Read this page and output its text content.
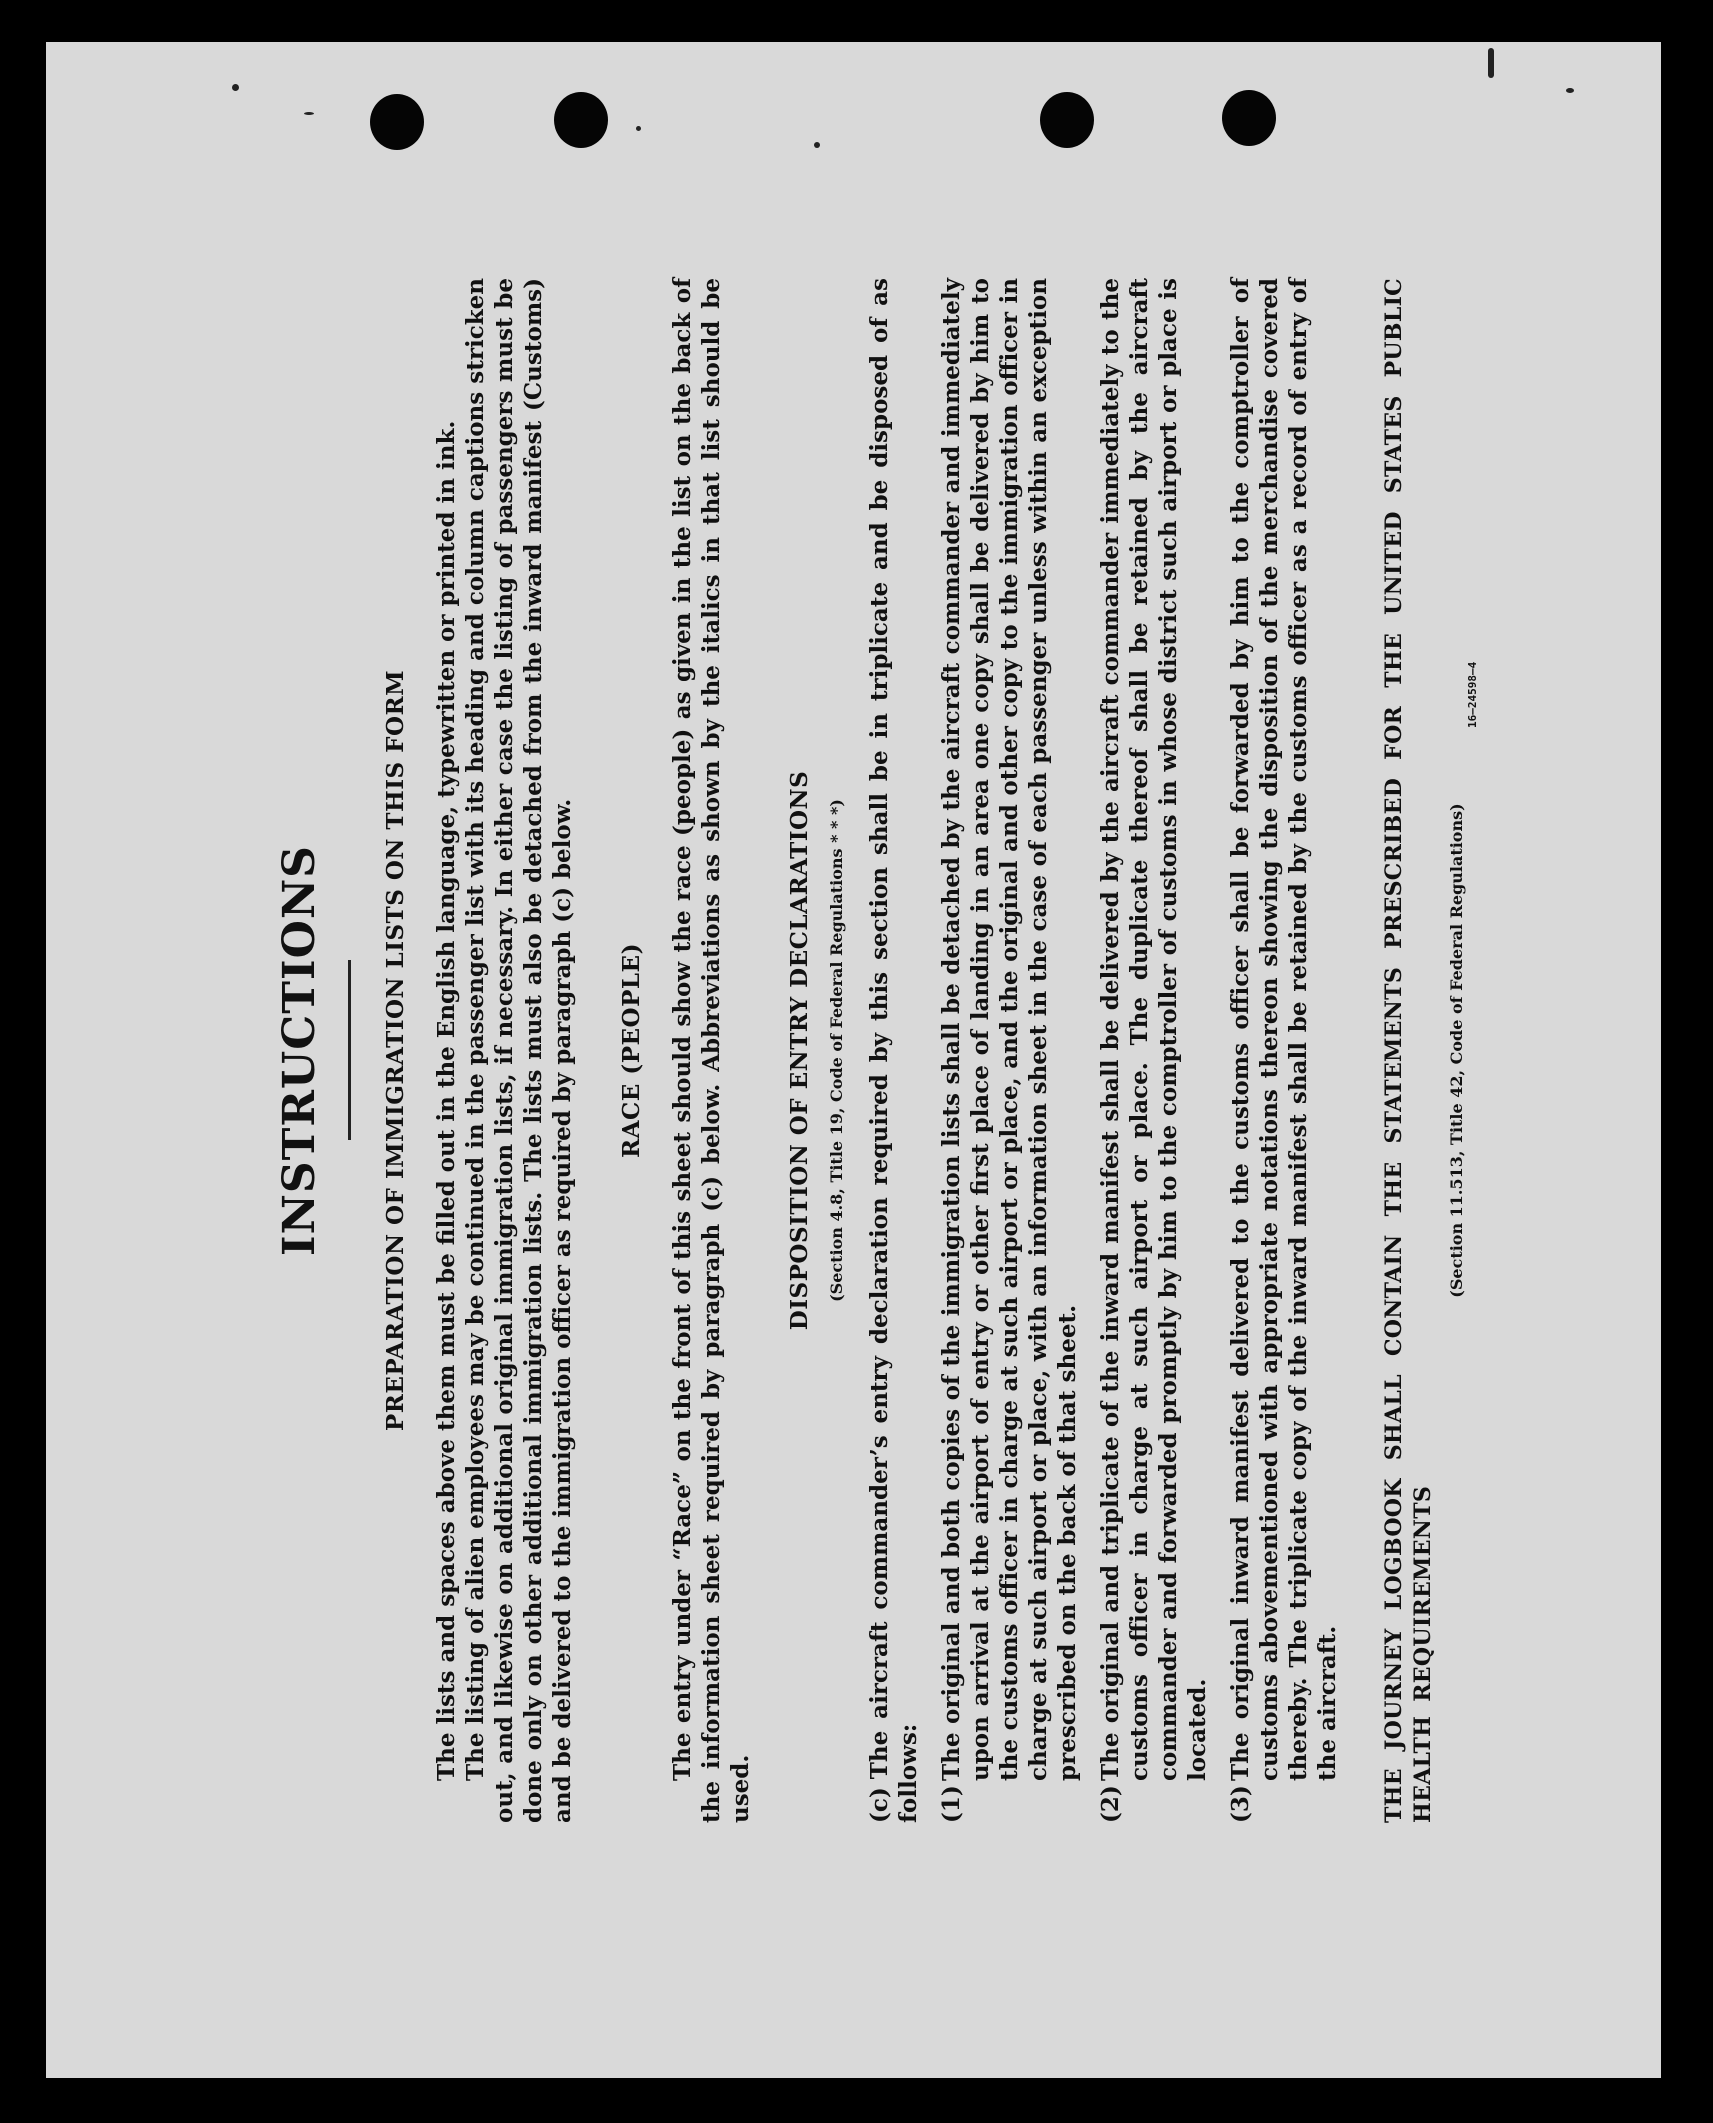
INSTRUCTIONS PREPARATION OF IMMIGRATION LISTS ON THIS FORM The lists and spaces above them must be filled out in the English language, typewritten or printed in ink. The listing of alien employees may be continued in the passenger list with its heading and column captions stricken out, and likewise on additional original immigration lists, if necessary. In either case the listing of passengers must be done only on other additional immigration lists. The lists must also be detached from the inward manifest (Customs) and be delivered to the immigration officer as required by paragraph (c) below. RACE (PEOPLE) The entry under “Race” on the front of this sheet should show the race (people) as given in the list on the back of the information sheet required by paragraph (c) below. Abbreviations as shown by the italics in that list should be used.

DISPOSITION OF ENTRY DECLARATIONS (Section 4.8, Title 19, Code of Federal Regulations * * *)

(c)The aircraft commander’s entry declaration required by this section shall be in triplicate and be disposed of as follows: (1)
The original and both copies of the immigration lists shall be detached by the aircraft commander and immediately upon arrival at the airport of entry or other first place of landing in an area one copy shall be delivered by him to the customs officer in charge at such airport or place, and the original and other copy to the immigration officer in charge at such airport or place, with an information sheet in the case of each passenger unless within an exception prescribed on the back of that sheet.
(2)
The original and triplicate of the inward manifest shall be delivered by the aircraft commander immediately to the customs officer in charge at such airport or place. The duplicate thereof shall be retained by the aircraft commander and forwarded promptly by him to the comptroller of customs in whose district such airport or place is located.
(3)
The original inward manifest delivered to the customs officer shall be forwarded by him to the comptroller of customs abovementioned with appropriate notations thereon showing the disposition of the merchandise covered thereby. The triplicate copy of the inward manifest shall be retained by the customs officer as a record of entry of the aircraft. THE JOURNEY LOGBOOK SHALL CONTAIN THE STATEMENTS PRESCRIBED FOR THE UNITED STATES PUBLIC HEALTH REQUIREMENTS
(Section 11.513, Title 42, Code of Federal Regulations)
16—24598—4
